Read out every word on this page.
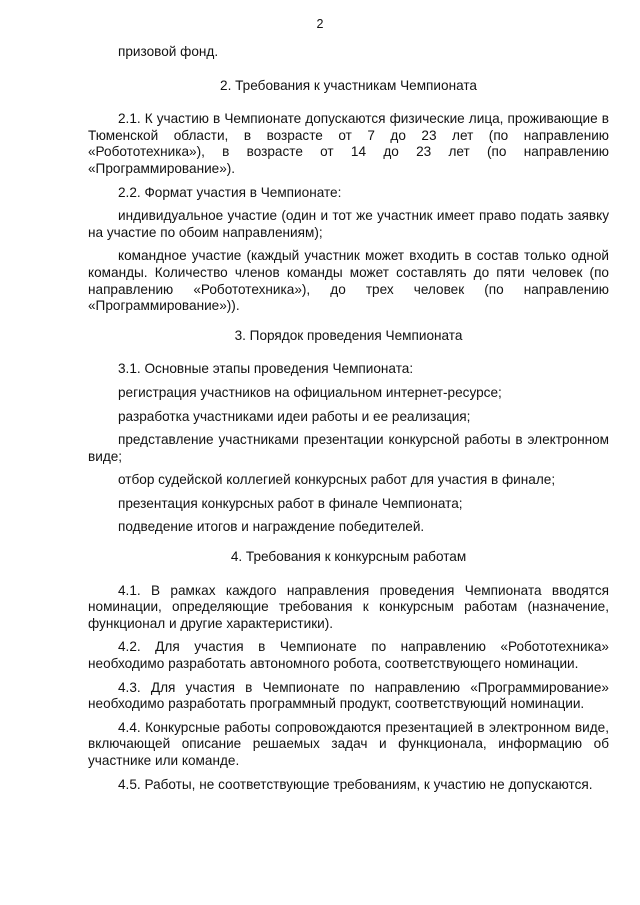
2

призовой фонд.

2. Требования к участникам Чемпионата

2.1. К участию в Чемпионате допускаются физические лица, проживающие в Тюменской области, в возрасте от 7 до 23 лет (по направлению «Робототехника»), в возрасте от 14 до 23 лет (по направлению «Программирование»).

2.2. Формат участия в Чемпионате:

индивидуальное участие (один и тот же участник имеет право подать заявку на участие по обоим направлениям);

командное участие (каждый участник может входить в состав только одной команды. Количество членов команды может составлять до пяти человек (по направлению «Робототехника»), до трех человек (по направлению «Программирование»)).

3. Порядок проведения Чемпионата

3.1. Основные этапы проведения Чемпионата:

регистрация участников на официальном интернет-ресурсе;

разработка участниками идеи работы и ее реализация;

представление участниками презентации конкурсной работы в электронном виде;

отбор судейской коллегией конкурсных работ для участия в финале;

презентация конкурсных работ в финале Чемпионата;

подведение итогов и награждение победителей.

4. Требования к конкурсным работам

4.1. В рамках каждого направления проведения Чемпионата вводятся номинации, определяющие требования к конкурсным работам (назначение, функционал и другие характеристики).

4.2. Для участия в Чемпионате по направлению «Робототехника» необходимо разработать автономного робота, соответствующего номинации.

4.3. Для участия в Чемпионате по направлению «Программирование» необходимо разработать программный продукт, соответствующий номинации.

4.4. Конкурсные работы сопровождаются презентацией в электронном виде, включающей описание решаемых задач и функционала, информацию об участнике или команде.

4.5. Работы, не соответствующие требованиям, к участию не допускаются.
